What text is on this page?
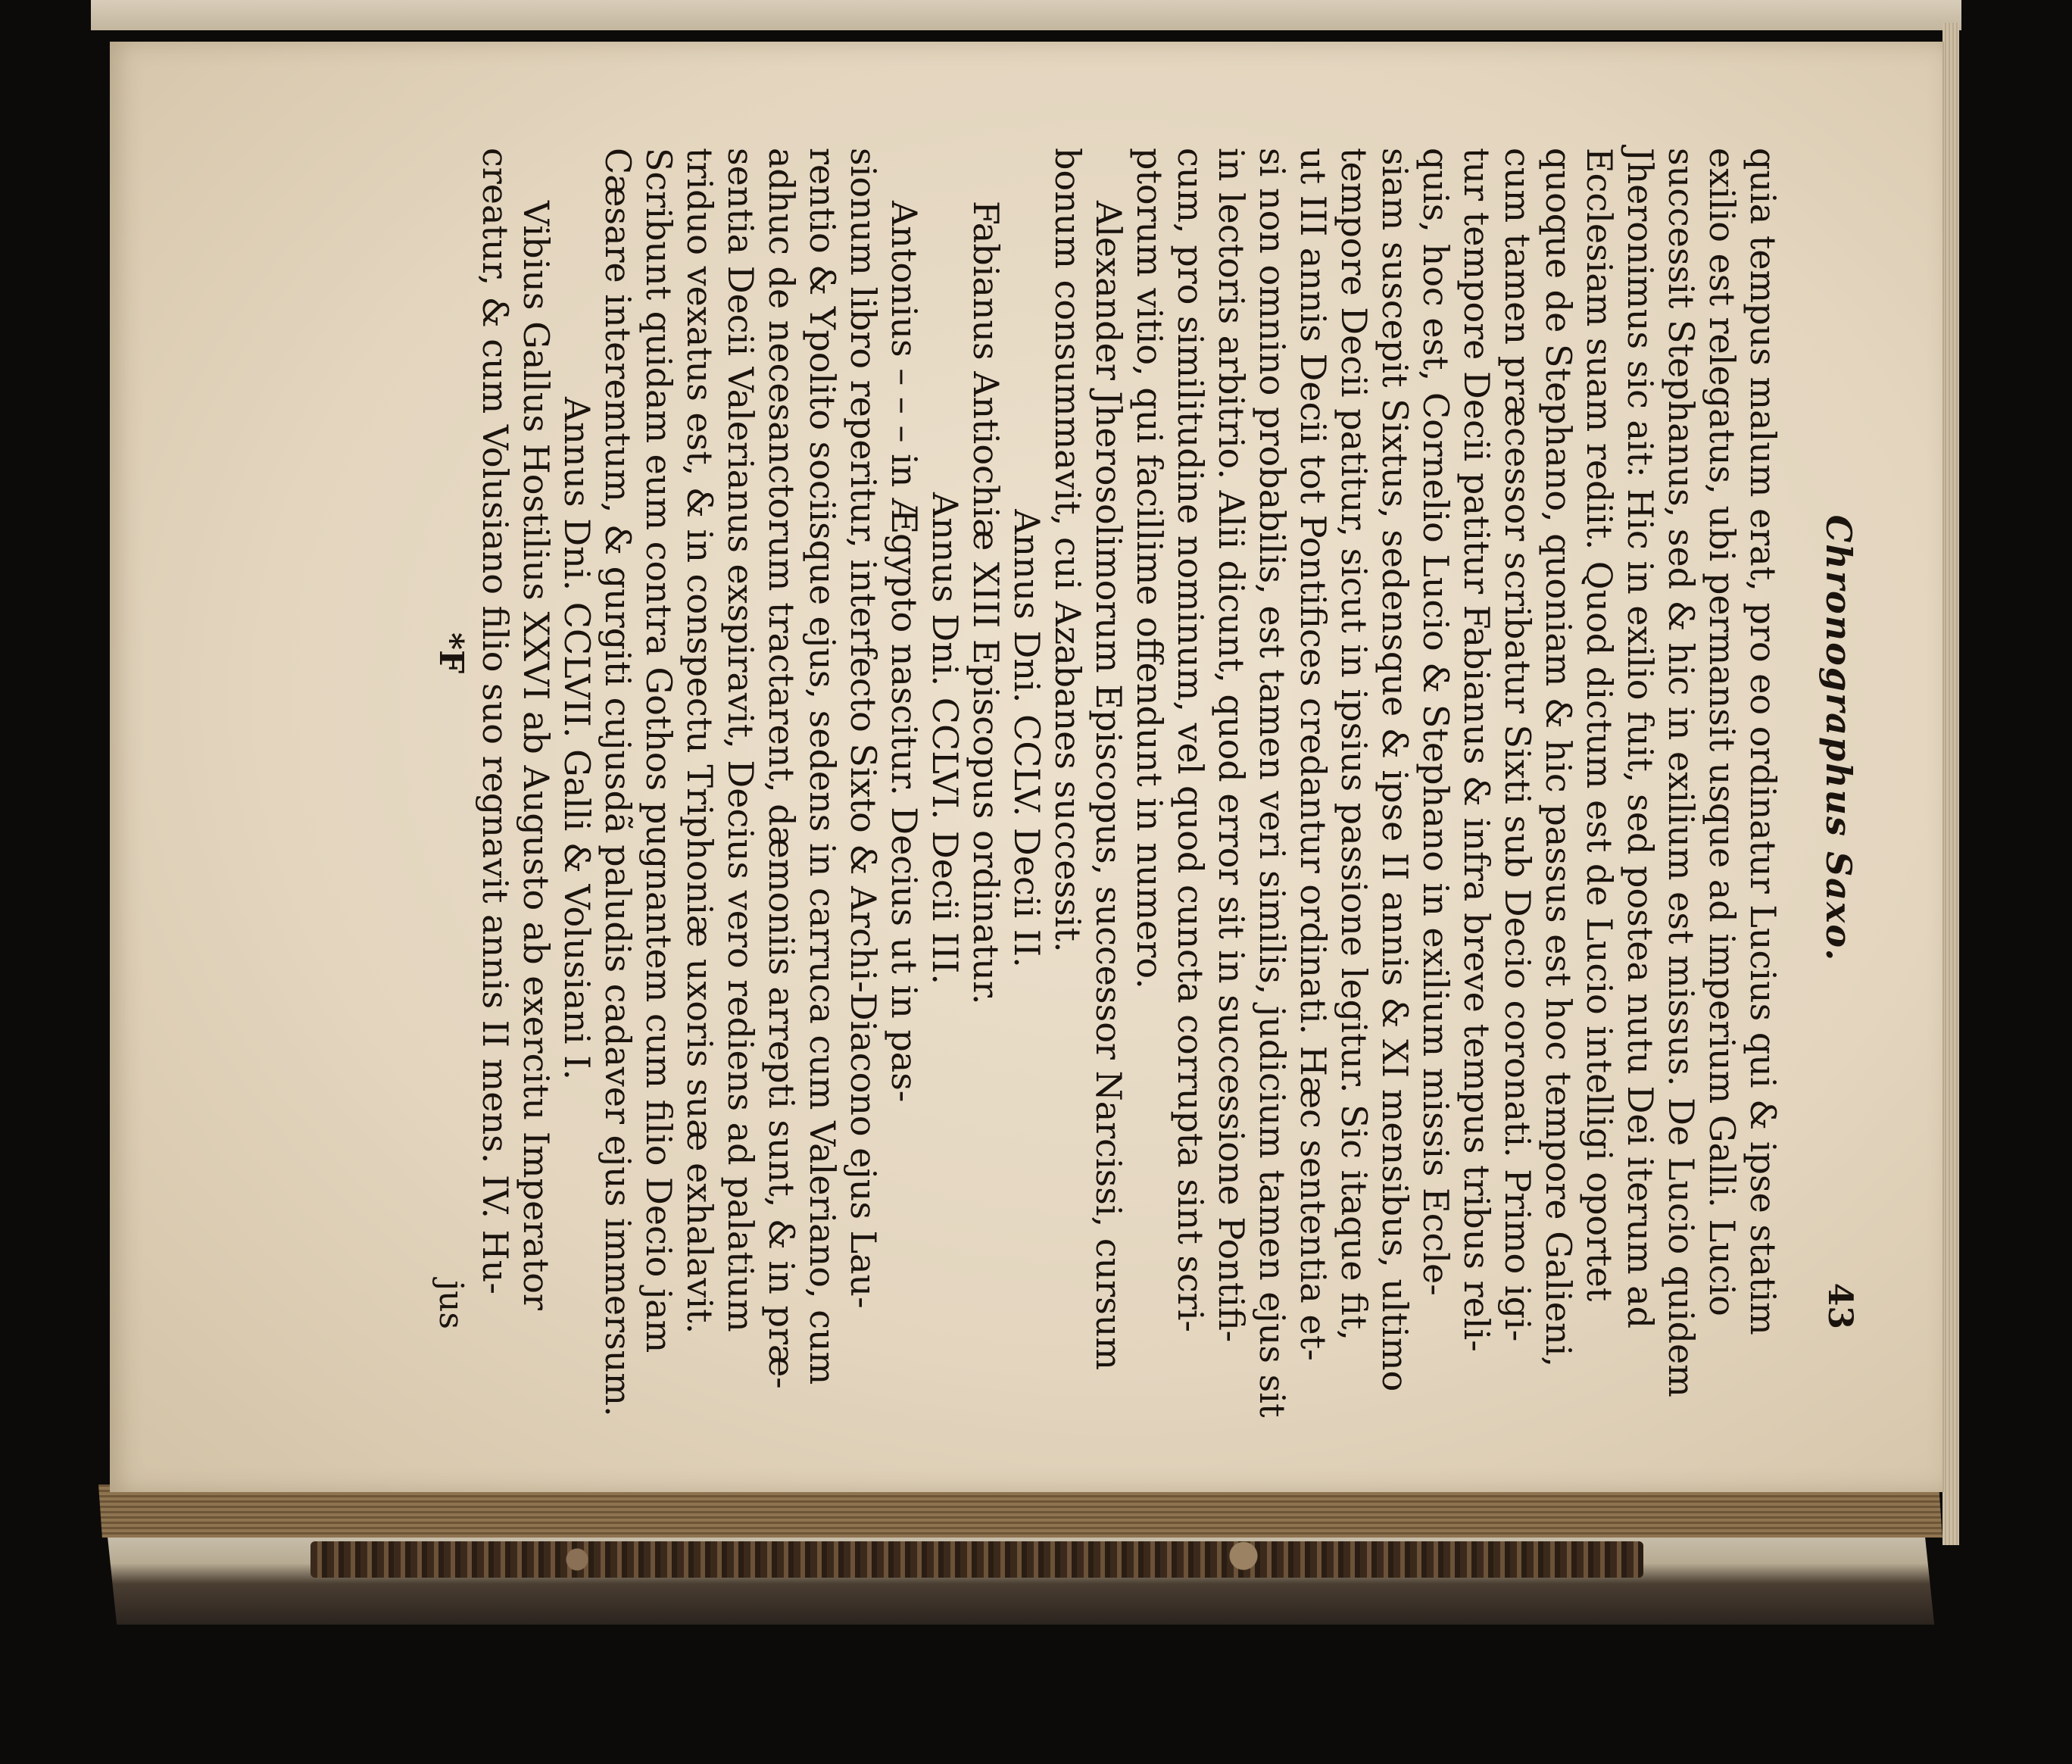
Chronographus Saxo.
43
quia tempus malum erat, pro eo ordinatur Lucius qui & ipse statim
exilio est relegatus, ubi permansit usque ad imperium Galli. Lucio
successit Stephanus, sed & hic in exilium est missus. De Lucio quidem
Jheronimus sic ait: Hic in exilio fuit, sed postea nutu Dei iterum ad
Ecclesiam suam rediit. Quod dictum est de Lucio intelligi oportet
quoque de Stephano, quoniam & hic passus est hoc tempore Galieni,
cum tamen præcessor scribatur Sixti sub Decio coronati. Primo igi-
tur tempore Decii patitur Fabianus & infra breve tempus tribus reli-
quis, hoc est, Cornelio Lucio & Stephano in exilium missis Eccle-
siam suscepit Sixtus, sedensque & ipse II annis & XI mensibus, ultimo
tempore Decii patitur, sicut in ipsius passione legitur. Sic itaque fit,
ut III annis Decii tot Pontifices credantur ordinati. Hæc sententia et-
si non omnino probabilis, est tamen veri similis, judicium tamen ejus sit
in lectoris arbitrio. Alii dicunt, quod error sit in successione Pontifi-
cum, pro similitudine nominum, vel quod cuncta corrupta sint scri-
ptorum vitio, qui facillime offendunt in numero.
Alexander Jherosolimorum Episcopus, successor Narcissi, cursum
bonum consummavit, cui Azabanes successit.
Annus Dni. CCLV. Decii II.
Fabianus Antiochiæ XIII Episcopus ordinatur.
Annus Dni. CCLVI. Decii III.
Antonius – – – in Ægypto nascitur. Decius ut in pas-
sionum libro reperitur, interfecto Sixto & Archi-Diacono ejus Lau-
rentio & Ypolito sociisque ejus, sedens in carruca cum Valeriano, cum
adhuc de necesanctorum tractarent, dæmoniis arrepti sunt, & in præ-
sentia Decii Valerianus exspiravit, Decius vero rediens ad palatium
triduo vexatus est, & in conspectu Triphoniæ uxoris suæ exhalavit.
Scribunt quidam eum contra Gothos pugnantem cum filio Decio jam
Cæsare interemtum, & gurgiti cujusdã paludis cadaver ejus immersum.
Annus Dni. CCLVII. Galli & Volusiani I.
Vibius Gallus Hostilius XXVI ab Augusto ab exercitu Imperator
creatur, & cum Volusiano filio suo regnavit annis II mens. IV. Hu-
*F
jus
